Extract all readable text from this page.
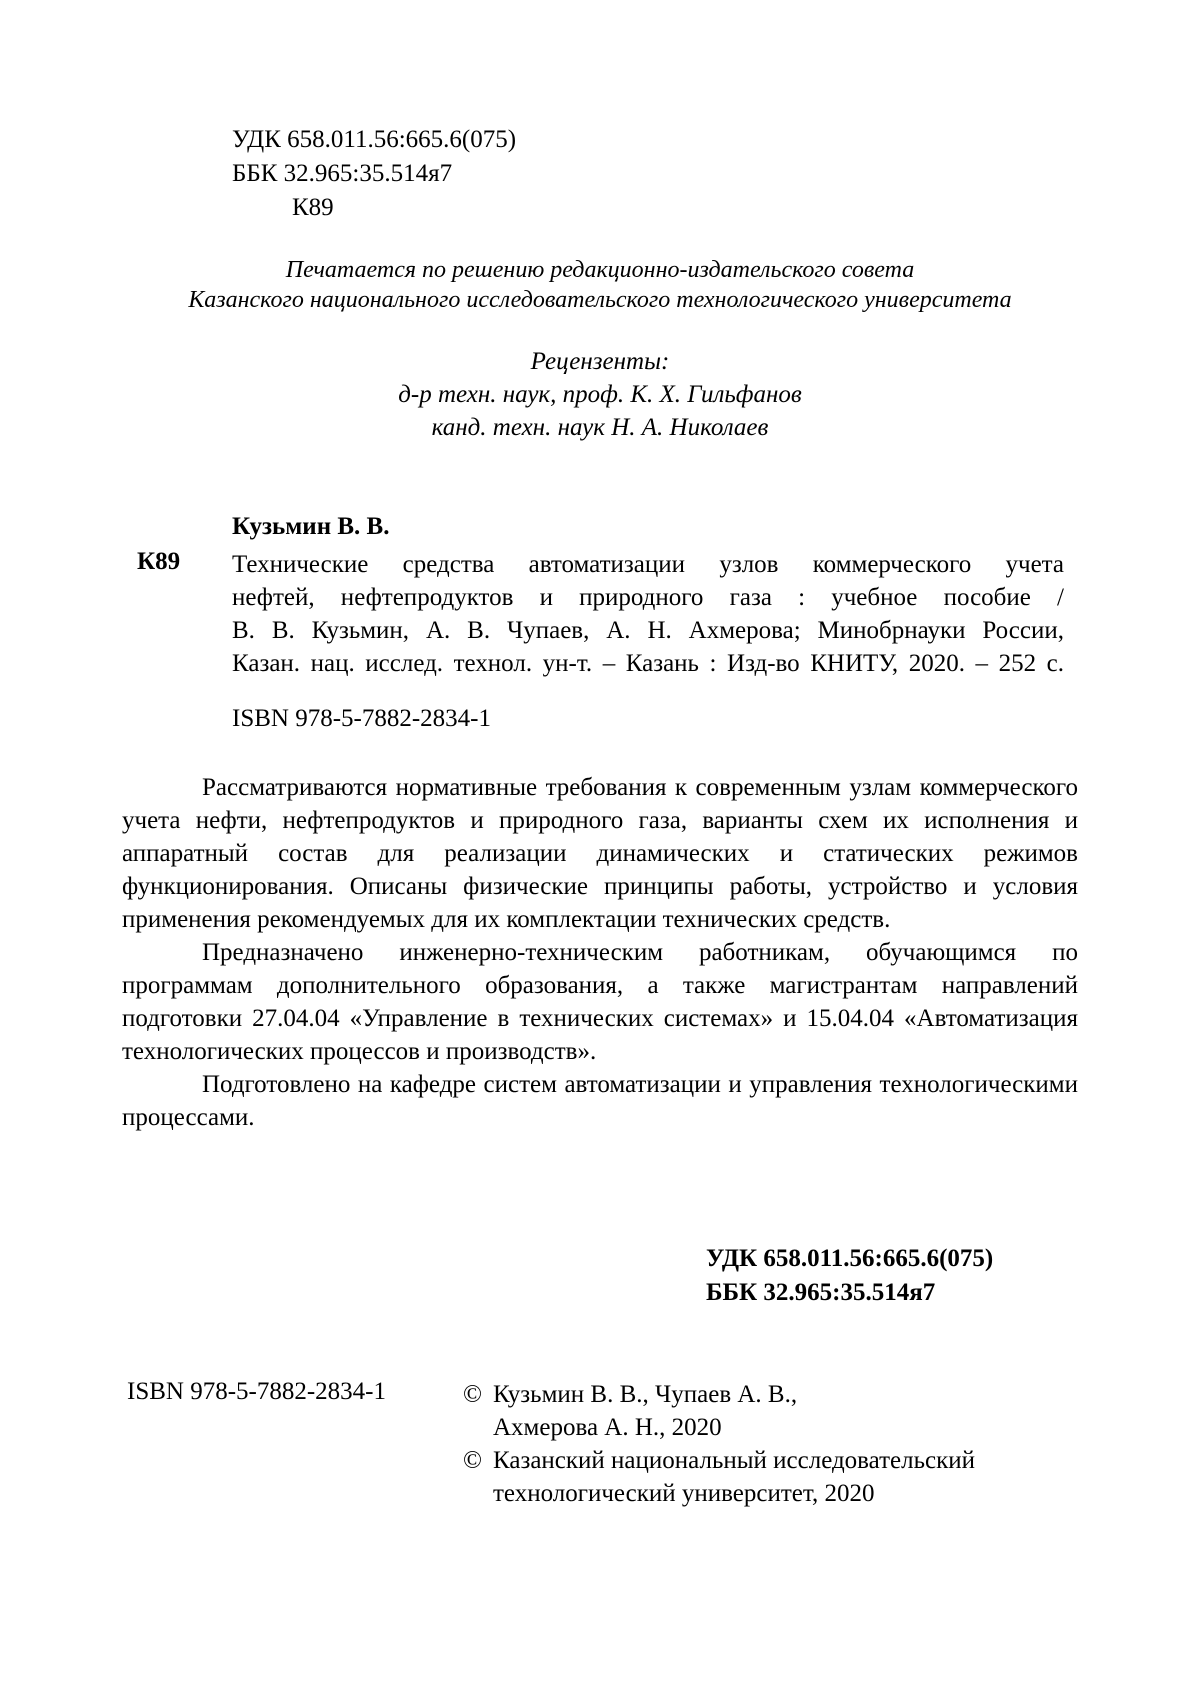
УДК 658.011.56:665.6(075)
ББК 32.965:35.514я7
К89
Печатается по решению редакционно-издательского совета
Казанского национального исследовательского технологического университета
Рецензенты:
д-р техн. наук, проф. К. Х. Гильфанов
канд. техн. наук Н. А. Николаев
Кузьмин В. В.
К89 Технические средства автоматизации узлов коммерческого учета
нефтей, нефтепродуктов и природного газа : учебное пособие /
В. В. Кузьмин, А. В. Чупаев, А. Н. Ахмерова; Минобрнауки России,
Казан. нац. исслед. технол. ун-т. – Казань : Изд-во КНИТУ, 2020. – 252 с.
ISBN 978-5-7882-2834-1

Рассматриваются нормативные требования к современным узлам коммерческого учета нефти, нефтепродуктов и природного газа, варианты схем их исполнения и аппаратный состав для реализации динамических и статических режимов функционирования. Описаны физические принципы работы, устройство и условия применения рекомендуемых для их комплектации технических средств.

Предназначено инженерно-техническим работникам, обучающимся по программам дополнительного образования, а также магистрантам направлений подготовки 27.04.04 «Управление в технических системах» и 15.04.04 «Автоматизация технологических процессов и производств».

Подготовлено на кафедре систем автоматизации и управления технологическими процессами.

УДК 658.011.56:665.6(075)
ББК 32.965:35.514я7
ISBN 978-5-7882-2834-1	© Кузьмин В. В., Чупаев А. В.,
Ахмерова А. Н., 2020
© Казанский национальный исследовательский
технологический университет, 2020
